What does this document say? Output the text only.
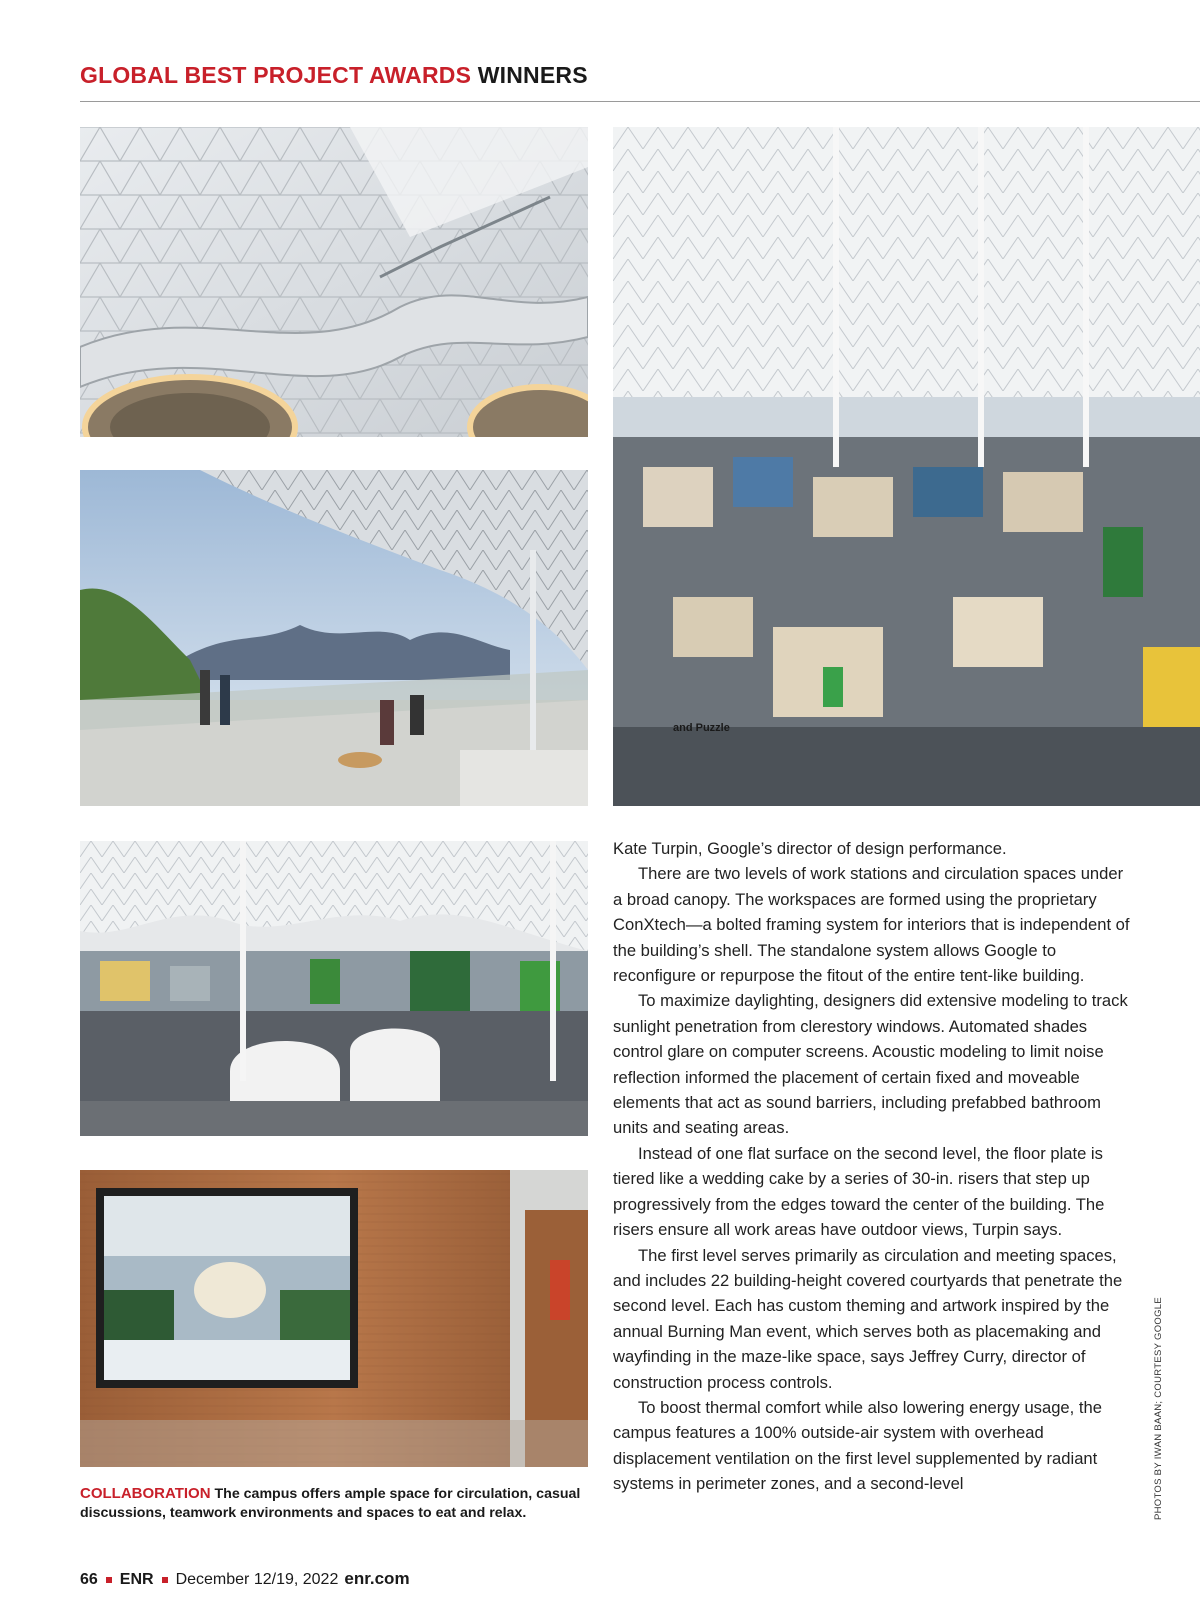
GLOBAL BEST PROJECT AWARDS WINNERS
and Puzzle
COLLABORATION The campus offers ample space for circulation, casual discussions, teamwork environments and spaces to eat and relax.

Kate Turpin, Google’s director of design performance.

There are two levels of work stations and circulation spaces under a broad canopy. The workspaces are formed using the proprietary ConXtech—a bolted framing system for interiors that is independent of the building’s shell. The standalone system allows Google to reconfigure or repurpose the fitout of the entire tent-like building.

To maximize daylighting, designers did extensive modeling to track sunlight penetration from clerestory windows. Automated shades control glare on computer screens. Acoustic modeling to limit noise reflection informed the placement of certain fixed and moveable elements that act as sound barriers, including prefabbed bathroom units and seating areas.

Instead of one flat surface on the second level, the floor plate is tiered like a wedding cake by a series of 30-in. risers that step up progressively from the edges toward the center of the building. The risers ensure all work areas have outdoor views, Turpin says.

The first level serves primarily as circulation and meeting spaces, and includes 22 building-height covered courtyards that penetrate the second level. Each has custom theming and artwork inspired by the annual Burning Man event, which serves both as placemaking and wayfinding in the maze-like space, says Jeffrey Curry, director of construction process controls.

To boost thermal comfort while also lowering energy usage, the campus features a 100% outside-air system with overhead displacement ventilation on the first level supplemented by radiant systems in perimeter zones, and a second-level	PHOTOS BY IWAN BAAN; COURTESY GOOGLE
66 ENR December 12/19, 2022 enr.com
